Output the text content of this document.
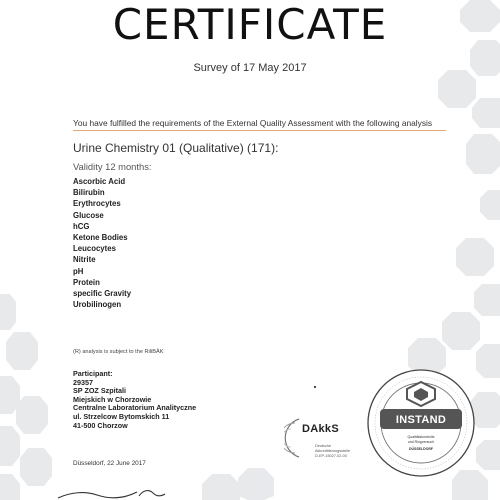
CERTIFICATE
Survey of 17 May 2017
You have fulfilled the requirements of the External Quality Assessment with the following analysis
Urine Chemistry 01 (Qualitative) (171):
Validity 12 months:
Ascorbic Acid
Bilirubin
Erythrocytes
Glucose
hCG
Ketone Bodies
Leucocytes
Nitrite
pH
Protein
specific Gravity
Urobilinogen
(R) analysis is subject to the RiliBÄK
Participant:
29357
SP ZOZ Szpitali
Miejskich w Chorzowie
Centralne Laboratorium Analityczne
ul. Strzelcow Bytomskich 11
41-500 Chorzow	DAkkS
Deutsche
Akkreditierungsstelle
D-EP-15027-02-00
INSTAND
Qualitätskontrolle
und Ringversuch
DÜSSELDORF
Düsseldorf, 22 June 2017
